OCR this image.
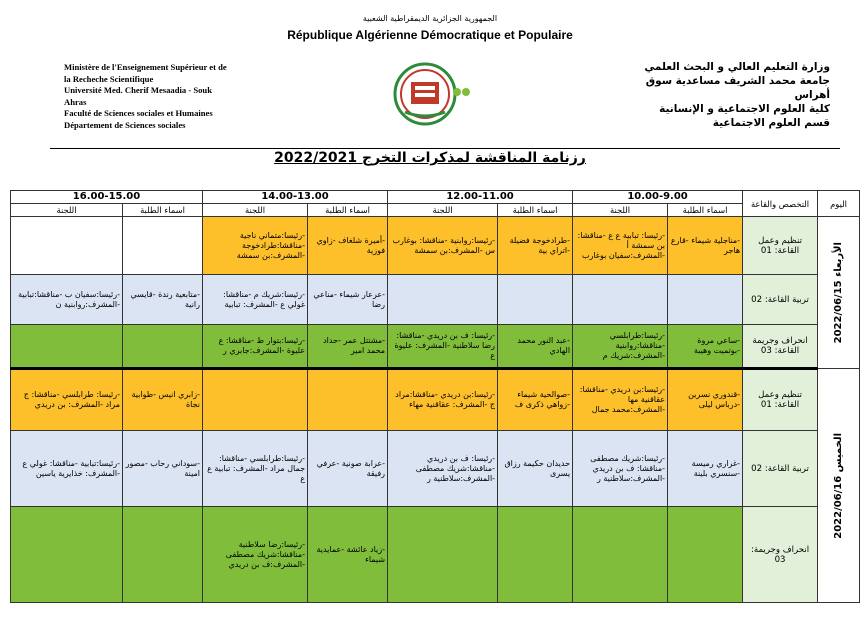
الجمهورية الجزائرية الديمقراطية الشعبية
République Algérienne Démocratique et Populaire
Ministère de l'Enseignement Supérieur et de
la Recheche Scientifique
Université Med. Cherif Mesaadia - Souk
Ahras
Faculté de Sciences sociales et Humaines
Département de Sciences sociales
وزارة التعليم العالي و البحث العلمي
جامعة محمد الشريف مساعدية سوق
أهراس
كلية العلوم الاجتماعية و الإنسانية
قسم العلوم الاجتماعية
رزنامة المناقشة لمذكرات التخرج 2022/2021
اليوم	التخصص والقاعة	10.00-9.00		12.00-11.00		14.00-13.00		16.00-15.00	
		اسماء الطلبة	اللجنة	اسماء الطلبة	اللجنة	اسماء الطلبة	اللجنة	اسماء الطلبة	اللجنة

الأربعاء 2022/06/15	تنظيم وعمل القاعة: 01	-مناجلية شيماء -قارع هاجر	-رئيسا: تبابية ع ع -مناقشا: بن سمشة أ -المشرف:سفيان بوغارب	-طرادخوجة فضيلة -اتراي بية	-رئيسا:روابنية -مناقشا: بوغارب س -المشرف:بن سمشة	-أميرة شلغاف -زاوي فوزية	-رئيسا:متماني ناجية -مناقشا:طرادخوجة -المشرف:بن سمشة		
	تربية القاعة: 02					-عرعار شيماء -مناعي رضا	-رئيسا:شريك م -مناقشا: غولي ع -المشرف: تبابية	-متابعية رندة -قايسي رانية	-رئيسا:سفيان ب -مناقشا:تبابية -المشرف:روابنية ن
	انحراف وجريمة القاعة: 03	-ساعي مروة -بوتميت وهيبة	-رئيسا:طرابلسي -مناقشا:روابنية -المشرف:شريك م	-عبد النور محمد الهادي	-رئيسا: ف بن دريدي -مناقشا: رضا سلاطنية -المشرف: عليوة ع	-مشتتل عمر -حداد محمد امير	-رئيسا:بتوار ط -مناقشا: ع عليوة -المشرف:جابري ر		

الخميس 2022/06/16	تنظيم وعمل القاعة: 01	-قندوري نسرين -درباس ليلى	-رئيسا:بن دريدي -مناقشا: عقاقنية مها -المشرف:محمد جمال	-صوالحية شيماء -زواهي ذكرى ف	-رئيسا:بن دريدي -مناقشا:مراد ج -المشرف: عقاقنية مهاء			-زابري انيس -طوابية نجاة	-رئيسا: طرابلسي -مناقشا: ج مراد -المشرف: بن دريدي
	تربية القاعة: 02	-غراري رميسة -سنسري بلينة	-رئيسا:شريك مصطفى -مناقشا: ف بن دريدي -المشرف:سلاطنية ر	حديدان حكيمة رزاق يسرى	-رئيسا: ف بن دريدي -مناقشا:شريك مصطفى -المشرف:سلاطنية ر	-عرابة صونية -عرفي رفيقة	-رئيسا:طرابلسي -مناقشا: جمال مراد -المشرف: تبابية ع ع	-سوداني رحاب -مصور امينة	-رئيسا:تبابية -مناقشا: غولي ع -المشرف: خذايرية ياسين
	انحراف وجريمة: 03					-زياد عائشة -عمايدية شيماء	-رئيسا:رضا سلاطنية -مناقشا:شريك مصطفى -المشرف:ف بن دريدي		
